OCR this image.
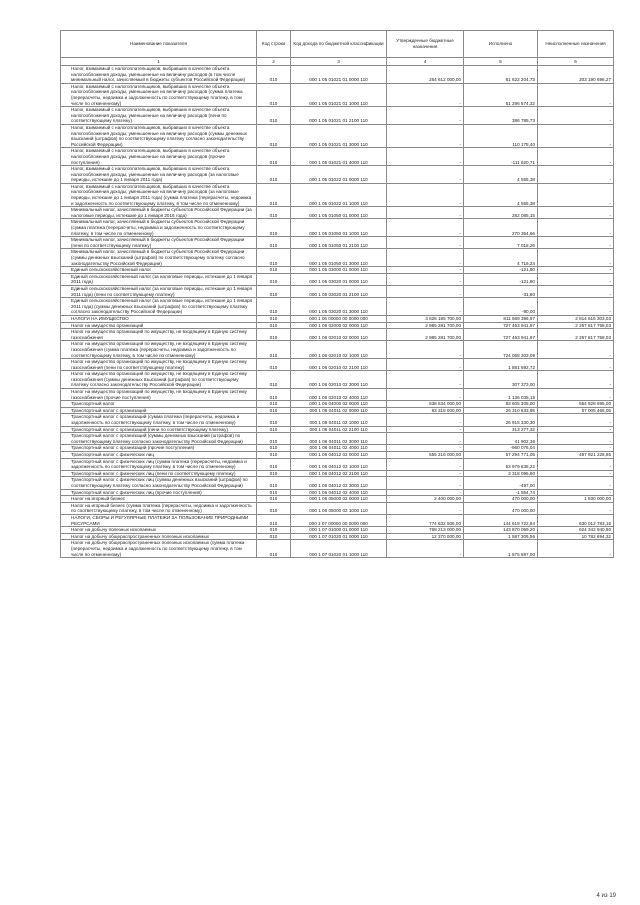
Наименование показателя	Код строки	Код дохода по бюджетной классификации	Утвержденные бюджетные назначения	Исполнено	Неисполненные назначения
1	2	3	4	5	6
Налог, взимаемый с налогоплательщиков, выбравших в качестве объекта налогообложения доходы, уменьшенные на величину расходов (в том числе минимальный налог, зачисляемый в бюджеты субъектов Российской Федерации)	010	000 1 05 01021 01 0000 110	264 612 000,00	61 622 204,73	203 190 696,27
Налог, взимаемый с налогоплательщиков, выбравших в качестве объекта налогообложения доходы, уменьшенные на величину расходов (сумма платежа (перерасчеты, недоимка и задолженность по соответствующему платежу, в том числе по отмененному)	010	000 1 05 01021 01 1000 110	-	51 296 574,32	-
Налог, взимаемый с налогоплательщиков, выбравших в качестве объекта налогообложения доходы, уменьшенные на величину расходов (пени по соответствующему платежу)	010	000 1 05 01021 01 2100 110	-	386 785,73	-
Налог, взимаемый с налогоплательщиков, выбравших в качестве объекта налогообложения доходы, уменьшенные на величину расходов (суммы денежных взысканий (штрафов) по соответствующему платежу согласно законодательству Российской Федерации)	010	000 1 05 01021 01 3000 110	-	110 175,40	-
Налог, взимаемый с налогоплательщиков, выбравших в качестве объекта налогообложения доходы, уменьшенные на величину расходов (прочие поступления)	010	000 1 05 01021 01 4000 110	-	-111 620,71	-
Налог, взимаемый с налогоплательщиков, выбравших в качестве объекта налогообложения доходы, уменьшенные на величину расходов (за налоговые периоды, истекшие до 1 января 2011 года)	010	000 1 05 01022 01 0000 110	-	4 555,38	-
Налог, взимаемый с налогоплательщиков, выбравших в качестве объекта налогообложения доходы, уменьшенные на величину расходов (за налоговые периоды, истекшие до 1 января 2011 года) (сумма платежа (перерасчеты, недоимка и задолженность по соответствующему платежу, в том числе по отмененному)	010	000 1 05 01022 01 1000 110	-	4 555,38	-
Минимальный налог, зачисляемый в бюджеты субъектов Российской Федерации (за налоговые периоды, истекшие до 1 января 2016 года)	010	000 1 05 01050 01 0000 110	-	282 085,15	-
Минимальный налог, зачисляемый в бюджеты субъектов Российской Федерации (сумма платежа (перерасчеты, недоимка и задолженность по соответствующему платежу, в том числе по отмененному)	010	000 1 05 01050 01 1000 110	-	270 354,66	-
Минимальный налог, зачисляемый в бюджеты субъектов Российской Федерации (пени по соответствующему платежу)	010	000 1 05 01050 01 2100 110	-	7 018,26	-
Минимальный налог, зачисляемый в бюджеты субъектов Российской Федерации (суммы денежных взысканий (штрафов) по соответствующему платежу согласно законодательству Российской Федерации)	010	000 1 05 01050 01 3000 110	-	4 716,24	-
Единый сельскохозяйственный налог	010	000 1 05 03000 01 0000 110	-	-121,80	-
Единый сельскохозяйственный налог (за налоговые периоды, истекшие до 1 января 2011 года)	010	000 1 05 03020 01 0000 110	-	-121,80	-
Единый сельскохозяйственный налог (за налоговые периоды, истекшие до 1 января 2011 года) (пени по соответствующему платежу)	010	000 1 05 03020 01 2100 110	-	-31,80	-
Единый сельскохозяйственный налог (за налоговые периоды, истекшие до 1 января 2011 года) (суммы денежных взысканий (штрафов) по соответствующему платежу согласно законодательству Российской Федерации)	010	000 1 05 03020 01 3000 110	-	-90,00	-
НАЛОГИ НА ИМУЩЕСТВО	010	000 1 06 00000 00 0000 000	3 626 185 700,00	811 569 396,97	2 814 616 303,03
Налог на имущество организаций	010	000 1 06 02000 02 0000 110	2 985 281 700,00	727 463 941,97	2 257 817 758,03
Налог на имущество организаций по имуществу, не входящему в Единую систему газоснабжения	010	000 1 06 02010 02 0000 110	2 985 281 700,00	727 463 941,97	2 257 817 758,03
Налог на имущество организаций по имуществу, не входящему в Единую систему газоснабжения (сумма платежа (перерасчеты, недоимка и задолженность по соответствующему платежу, в том числе по отмененному)	010	000 1 06 02010 02 1000 110	-	724 068 303,09	-
Налог на имущество организаций по имуществу, не входящему в Единую систему газоснабжения (пени по соответствующему платежу)	010	000 1 06 02010 02 2100 110	-	1 881 592,72	-
Налог на имущество организаций по имуществу, не входящему в Единую систему газоснабжения (суммы денежных взысканий (штрафов) по соответствующему платежу согласно законодательству Российской Федерации)	010	000 1 06 02010 02 3000 110	-	307 373,00	-
Налог на имущество организаций по имуществу, не входящему в Единую систему газоснабжения (прочие поступления)	010	000 1 06 02010 02 4000 110	-	1 136 035,15	-
Транспортный налог	010	000 1 06 04000 02 0000 110	638 534 000,00	83 605 305,00	554 928 695,00
Транспортный налог с организаций	010	000 1 06 04011 02 0000 110	83 318 000,00	26 310 533,95	57 005 466,05
Транспортный налог с организаций (сумма платежа (перерасчеты, недоимка и задолженность по соответствующему платежу, в том числе по отмененному)	010	000 1 06 04011 02 1000 110	-	26 915 330,30	-
Транспортный налог с организаций (пени по соответствующему платежу)	010	000 1 06 04011 02 2100 110	-	313 277,32	-
Транспортный налог с организаций (суммы денежных взысканий (штрафов) по соответствующему платежу согласно законодательству Российской Федерации)	010	000 1 06 04011 02 3000 110	-	41 902,36	-
Транспортный налог с организаций (прочие поступления)	010	000 1 06 04011 02 4000 110	-	-960 076,04	-
Транспортный налог с физических лиц	010	000 1 06 04012 02 0000 110	555 216 000,00	57 294 771,05	497 921 228,95
Транспортный налог с физических лиц (сумма платежа (перерасчеты, недоимка и задолженность по соответствующему платежу, в том числе по отмененному)	010	000 1 06 04012 02 1000 110	-	53 979 638,22	-
Транспортный налог с физических лиц (пени по соответствующему платежу)	010	000 1 06 04012 02 2100 110	-	3 318 095,80	-
Транспортный налог с физических лиц (суммы денежных взысканий (штрафов) по соответствующему платежу согласно законодательству Российской Федерации)	010	000 1 06 04012 02 3000 110	-	-497,00	-
Транспортный налог с физических лиц (прочие поступления)	010	000 1 06 04012 02 4000 110	-	-1 554,74	-
Налог на игорный бизнес	010	000 1 06 05000 02 0000 110	2 400 000,00	470 000,00	1 930 000,00
Налог на игорный бизнес (сумма платежа (перерасчеты, недоимка и задолженность по соответствующему платежу, в том числе по отмененному)	010	000 1 06 05000 02 1000 110	-	470 000,00	-
НАЛОГИ, СБОРЫ И РЕГУЛЯРНЫЕ ПЛАТЕЖИ ЗА ПОЛЬЗОВАНИЕ ПРИРОДНЫМИ РЕСУРСАМИ	010	000 1 07 00000 00 0000 000	774 632 506,00	144 619 722,84	630 012 783,16
Налог на добычу полезных ископаемых	010	000 1 07 01000 01 0000 110	768 213 000,00	143 870 059,20	624 342 940,80
Налог на добычу общераспространенных полезных ископаемых	010	000 1 07 01020 01 0000 110	12 370 000,00	1 587 305,56	10 782 694,32
Налог на добычу общераспространенных полезных ископаемых (сумма платежа (перерасчеты, недоимка и задолженность по соответствующему платежу, в том числе по отмененному)	010	000 1 07 01020 01 1000 110	-	1 575 597,00	-
4 из 19
